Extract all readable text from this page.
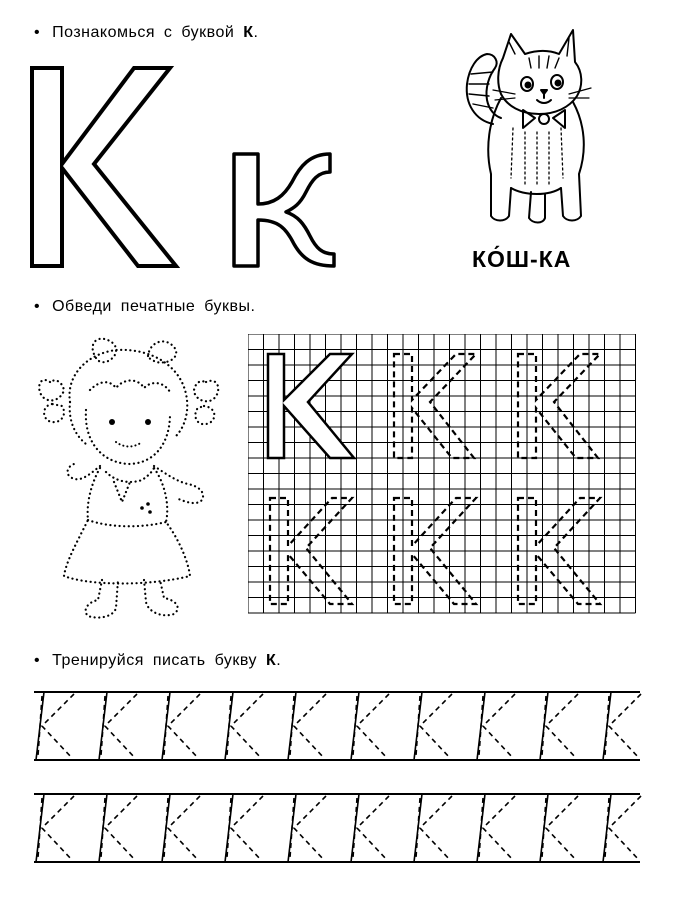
• Познакомься с буквой К.
КО́Ш-КА
• Обведи печатные буквы.
• Тренируйся писать букву К.
